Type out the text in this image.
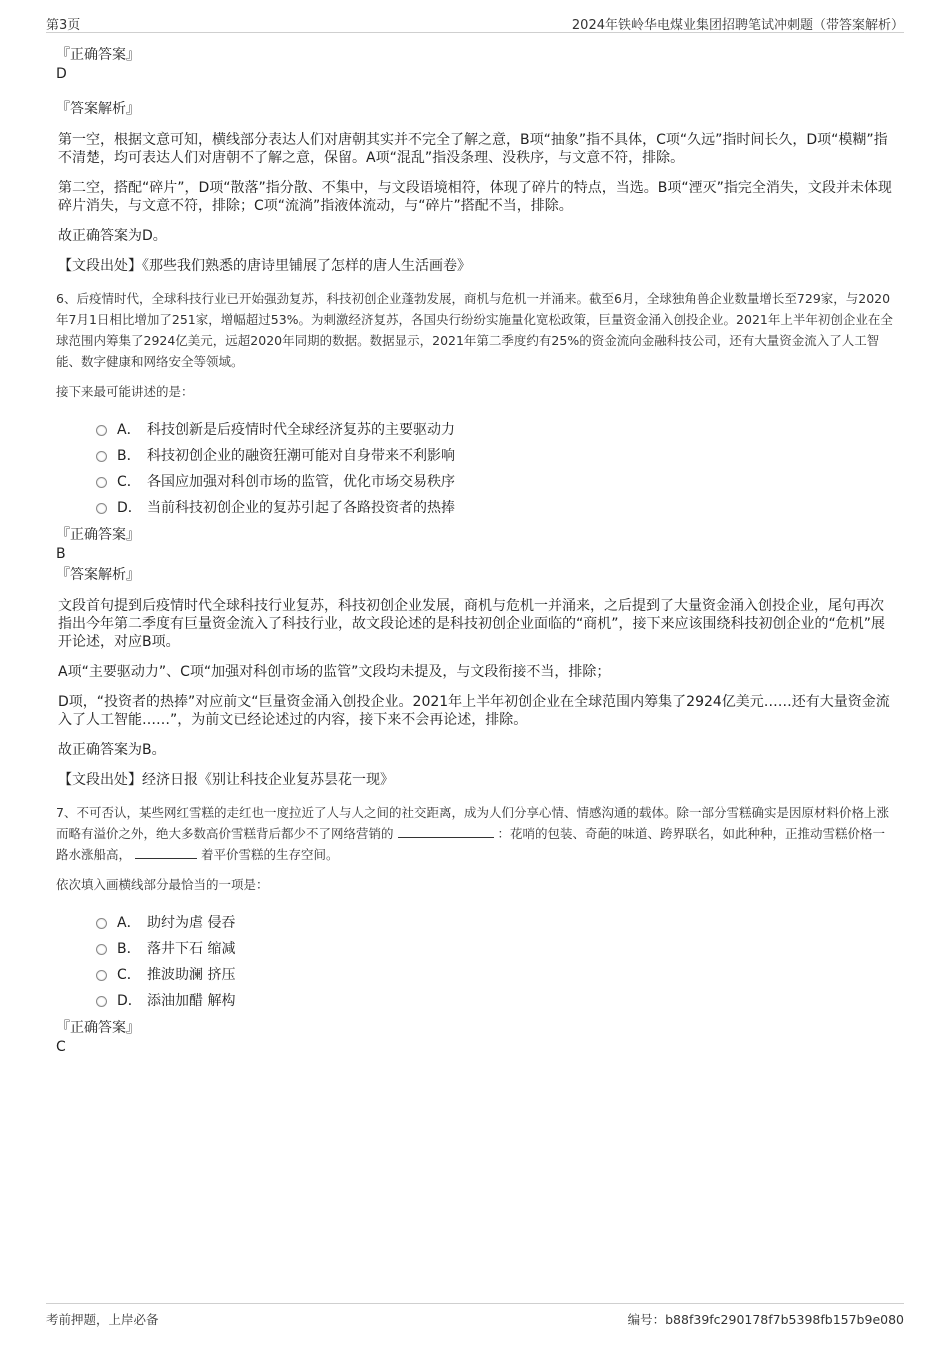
第3页	2024年铁岭华电煤业集团招聘笔试冲刺题（带答案解析）
『正确答案』
D
『答案解析』
第一空，根据文意可知，横线部分表达人们对唐朝其实并不完全了解之意，B项“抽象”指不具体，C项“久远”指时间长久，D项“模糊”指不清楚，均可表达人们对唐朝不了解之意，保留。A项“混乱”指没条理、没秩序，与文意不符，排除。
第二空，搭配“碎片”，D项“散落”指分散、不集中，与文段语境相符，体现了碎片的特点，当选。B项“湮灭”指完全消失，文段并未体现碎片消失，与文意不符，排除；C项“流淌”指液体流动，与“碎片”搭配不当，排除。
故正确答案为D。
【文段出处】《那些我们熟悉的唐诗里铺展了怎样的唐人生活画卷》
6、后疫情时代，全球科技行业已开始强劲复苏，科技初创企业蓬勃发展，商机与危机一并涌来。截至6月，全球独角兽企业数量增长至729家，与2020年7月1日相比增加了251家，增幅超过53%。为刺激经济复苏，各国央行纷纷实施量化宽松政策，巨量资金涌入创投企业。2021年上半年初创企业在全球范围内筹集了2924亿美元，远超2020年同期的数据。数据显示，2021年第二季度约有25%的资金流向金融科技公司，还有大量资金流入了人工智能、数字健康和网络安全等领域。
接下来最可能讲述的是：
A． 科技创新是后疫情时代全球经济复苏的主要驱动力
B． 科技初创企业的融资狂潮可能对自身带来不利影响
C． 各国应加强对科创市场的监管，优化市场交易秩序
D． 当前科技初创企业的复苏引起了各路投资者的热捧
『正确答案』
B
『答案解析』
文段首句提到后疫情时代全球科技行业复苏，科技初创企业发展，商机与危机一并涌来，之后提到了大量资金涌入创投企业，尾句再次指出今年第二季度有巨量资金流入了科技行业，故文段论述的是科技初创企业面临的“商机”，接下来应该围绕科技初创企业的“危机”展开论述，对应B项。
A项“主要驱动力”、C项“加强对科创市场的监管”文段均未提及，与文段衔接不当，排除；
D项，“投资者的热捧”对应前文“巨量资金涌入创投企业。2021年上半年初创企业在全球范围内筹集了2924亿美元……还有大量资金流入了人工智能……”，为前文已经论述过的内容，接下来不会再论述，排除。
故正确答案为B。
【文段出处】经济日报《别让科技企业复苏昙花一现》
7、不可否认，某些网红雪糕的走红也一度拉近了人与人之间的社交距离，成为人们分享心情、情感沟通的载体。除一部分雪糕确实是因原材料价格上涨而略有溢价之外，绝大多数高价雪糕背后都少不了网络营销的	：花哨的包装、奇葩的味道、跨界联名，如此种种，正推动雪糕价格一路水涨船高，	着平价雪糕的生存空间。
依次填入画横线部分最恰当的一项是：
A． 助纣为虐 侵吞
B． 落井下石 缩减
C． 推波助澜 挤压
D． 添油加醋 解构
『正确答案』
C
考前押题，上岸必备	编号：b88f39fc290178f7b5398fb157b9e080
